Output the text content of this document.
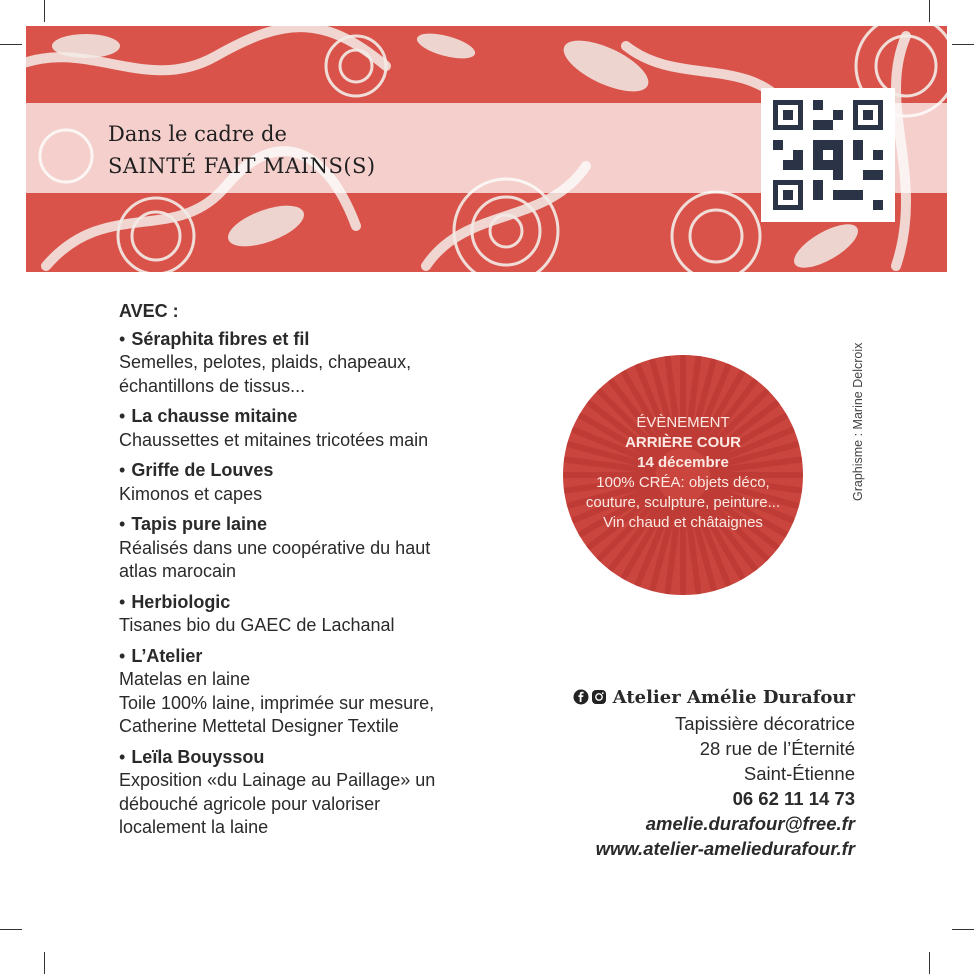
Dans le cadre de
SAINTÉ FAIT MAINS(S)
AVEC :
• Séraphita fibres et fil
Semelles, pelotes, plaids, chapeaux,
échantillons de tissus...
• La chausse mitaine
Chaussettes et mitaines tricotées main
• Griffe de Louves
Kimonos et capes
• Tapis pure laine
Réalisés dans une coopérative du haut
atlas marocain
• Herbiologic
Tisanes bio du GAEC de Lachanal
• L’Atelier
Matelas en laine
Toile 100% laine, imprimée sur mesure,
Catherine Mettetal Designer Textile
• Leïla Bouyssou
Exposition «du Lainage au Paillage» un
débouché agricole pour valoriser
localement la laine
ÉVÈNEMENT
ARRIÈRE COUR
14 décembre
100% CRÉA: objets déco,
couture, sculpture, peinture...
Vin chaud et châtaignes
Graphisme : Marine Delcroix
Atelier Amélie Durafour
Tapissière décoratrice
28 rue de l’Éternité
Saint-Étienne
06 62 11 14 73
amelie.durafour@free.fr
www.atelier-ameliedurafour.fr
